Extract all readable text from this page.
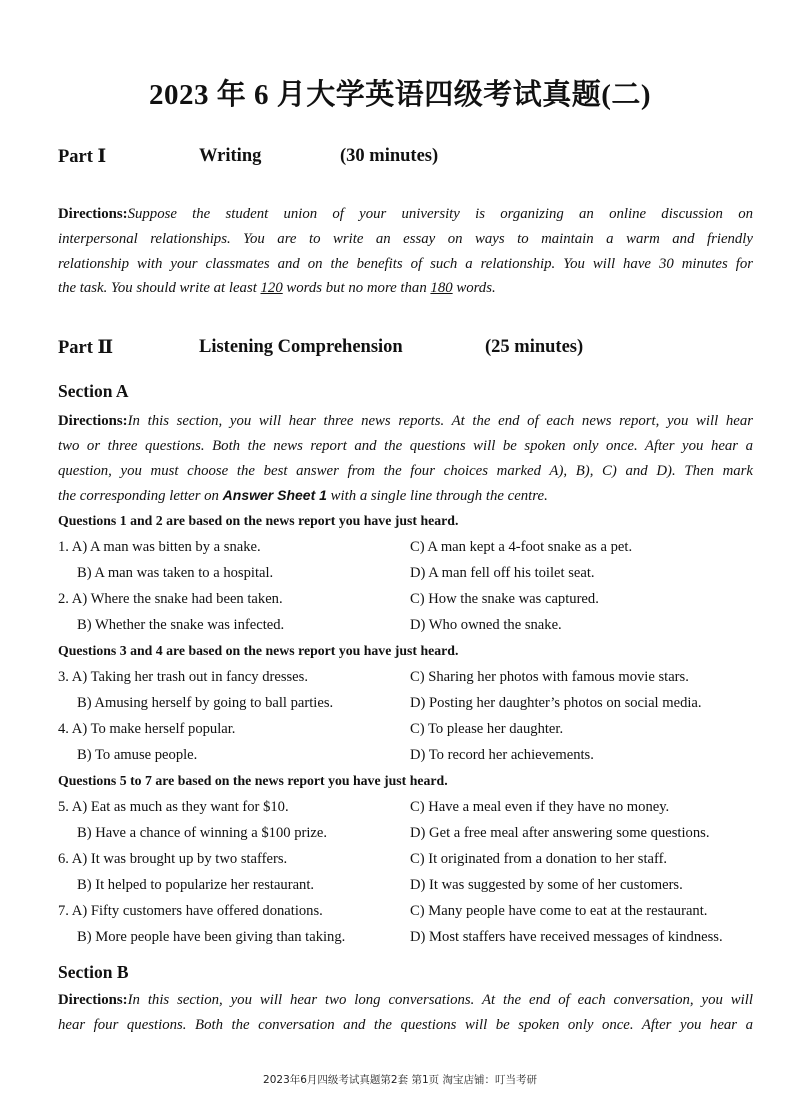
2023 年 6 月大学英语四级考试真题(二)
Part Ⅰ	Writing	(30 minutes)
Directions:Suppose the student union of your university is organizing an online discussion on
interpersonal relationships. You are to write an essay on ways to maintain a warm and friendly
relationship with your classmates and on the benefits of such a relationship. You will have 30 minutes for
the task. You should write at least 120 words but no more than 180 words.
Part Ⅱ	Listening Comprehension	(25 minutes)
Section A
Directions:In this section, you will hear three news reports. At the end of each news report, you will hear
two or three questions. Both the news report and the questions will be spoken only once. After you hear a
question, you must choose the best answer from the four choices marked A), B), C) and D). Then mark
the corresponding letter on Answer Sheet 1 with a single line through the centre.
Questions 1 and 2 are based on the news report you have just heard.
1. A) A man was bitten by a snake.	C) A man kept a 4-foot snake as a pet.
B) A man was taken to a hospital.	D) A man fell off his toilet seat.
2. A) Where the snake had been taken.	C) How the snake was captured.
B) Whether the snake was infected.	D) Who owned the snake.
Questions 3 and 4 are based on the news report you have just heard.
3. A) Taking her trash out in fancy dresses.	C) Sharing her photos with famous movie stars.
B) Amusing herself by going to ball parties.	D) Posting her daughter’s photos on social media.
4. A) To make herself popular.	C) To please her daughter.
B) To amuse people.	D) To record her achievements.
Questions 5 to 7 are based on the news report you have just heard.
5. A) Eat as much as they want for $10.	C) Have a meal even if they have no money.
B) Have a chance of winning a $100 prize.	D) Get a free meal after answering some questions.
6. A) It was brought up by two staffers.	C) It originated from a donation to her staff.
B) It helped to popularize her restaurant.	D) It was suggested by some of her customers.
7. A) Fifty customers have offered donations.	C) Many people have come to eat at the restaurant.
B) More people have been giving than taking.	D) Most staffers have received messages of kindness.
Section B
Directions:In this section, you will hear two long conversations. At the end of each conversation, you will
hear four questions. Both the conversation and the questions will be spoken only once. After you hear a
2023年6月四级考试真题第2套 第1页 淘宝店铺：叮当考研
